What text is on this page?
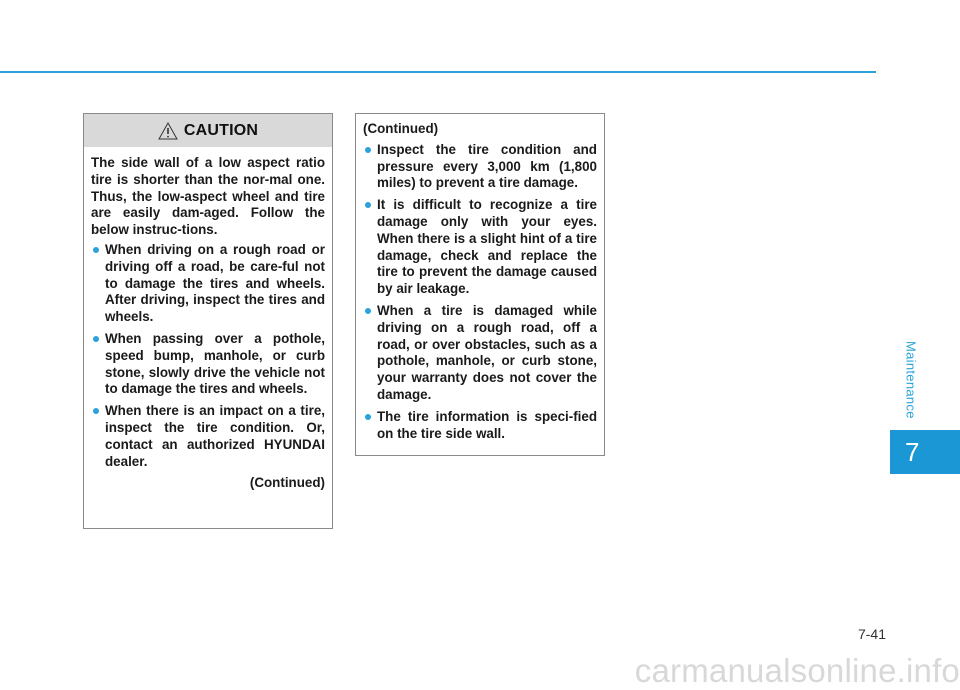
CAUTION

The side wall of a low aspect ratio tire is shorter than the nor-mal one. Thus, the low-aspect wheel and tire are easily dam-aged. Follow the below instruc-tions.

When driving on a rough road or driving off a road, be care-ful not to damage the tires and wheels. After driving, inspect the tires and wheels.
When passing over a pothole, speed bump, manhole, or curb stone, slowly drive the vehicle not to damage the tires and wheels.
When there is an impact on a tire, inspect the tire condition. Or, contact an authorized HYUNDAI dealer.
(Continued)
(Continued)
Inspect the tire condition and pressure every 3,000 km (1,800 miles) to prevent a tire damage.
It is difficult to recognize a tire damage only with your eyes. When there is a slight hint of a tire damage, check and replace the tire to prevent the damage caused by air leakage.
When a tire is damaged while driving on a rough road, off a road, or over obstacles, such as a pothole, manhole, or curb stone, your warranty does not cover the damage.
The tire information is speci-fied on the tire side wall.
Maintenance
7
7-41
carmanualsonline.info
